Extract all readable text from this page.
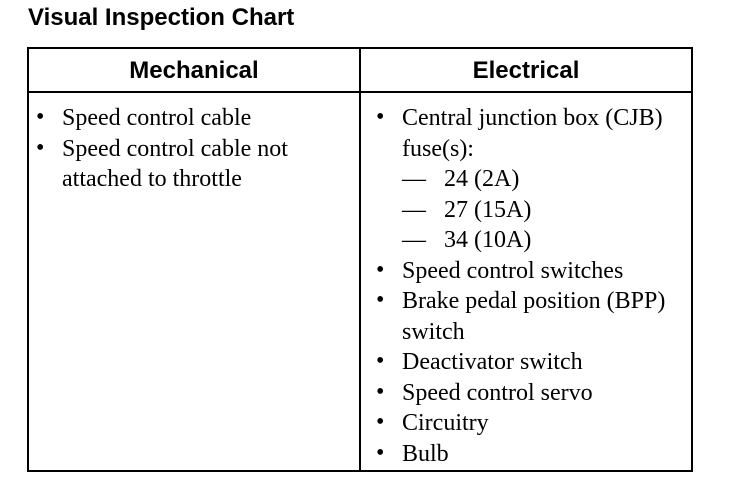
Visual Inspection Chart
Mechanical	Electrical
• Speed control cable
• Speed control cable not attached to throttle
• Central junction box (CJB) fuse(s):
— 24 (2A)
— 27 (15A)
— 34 (10A)
• Speed control switches
• Brake pedal position (BPP) switch
• Deactivator switch
• Speed control servo
• Circuitry
• Bulb
